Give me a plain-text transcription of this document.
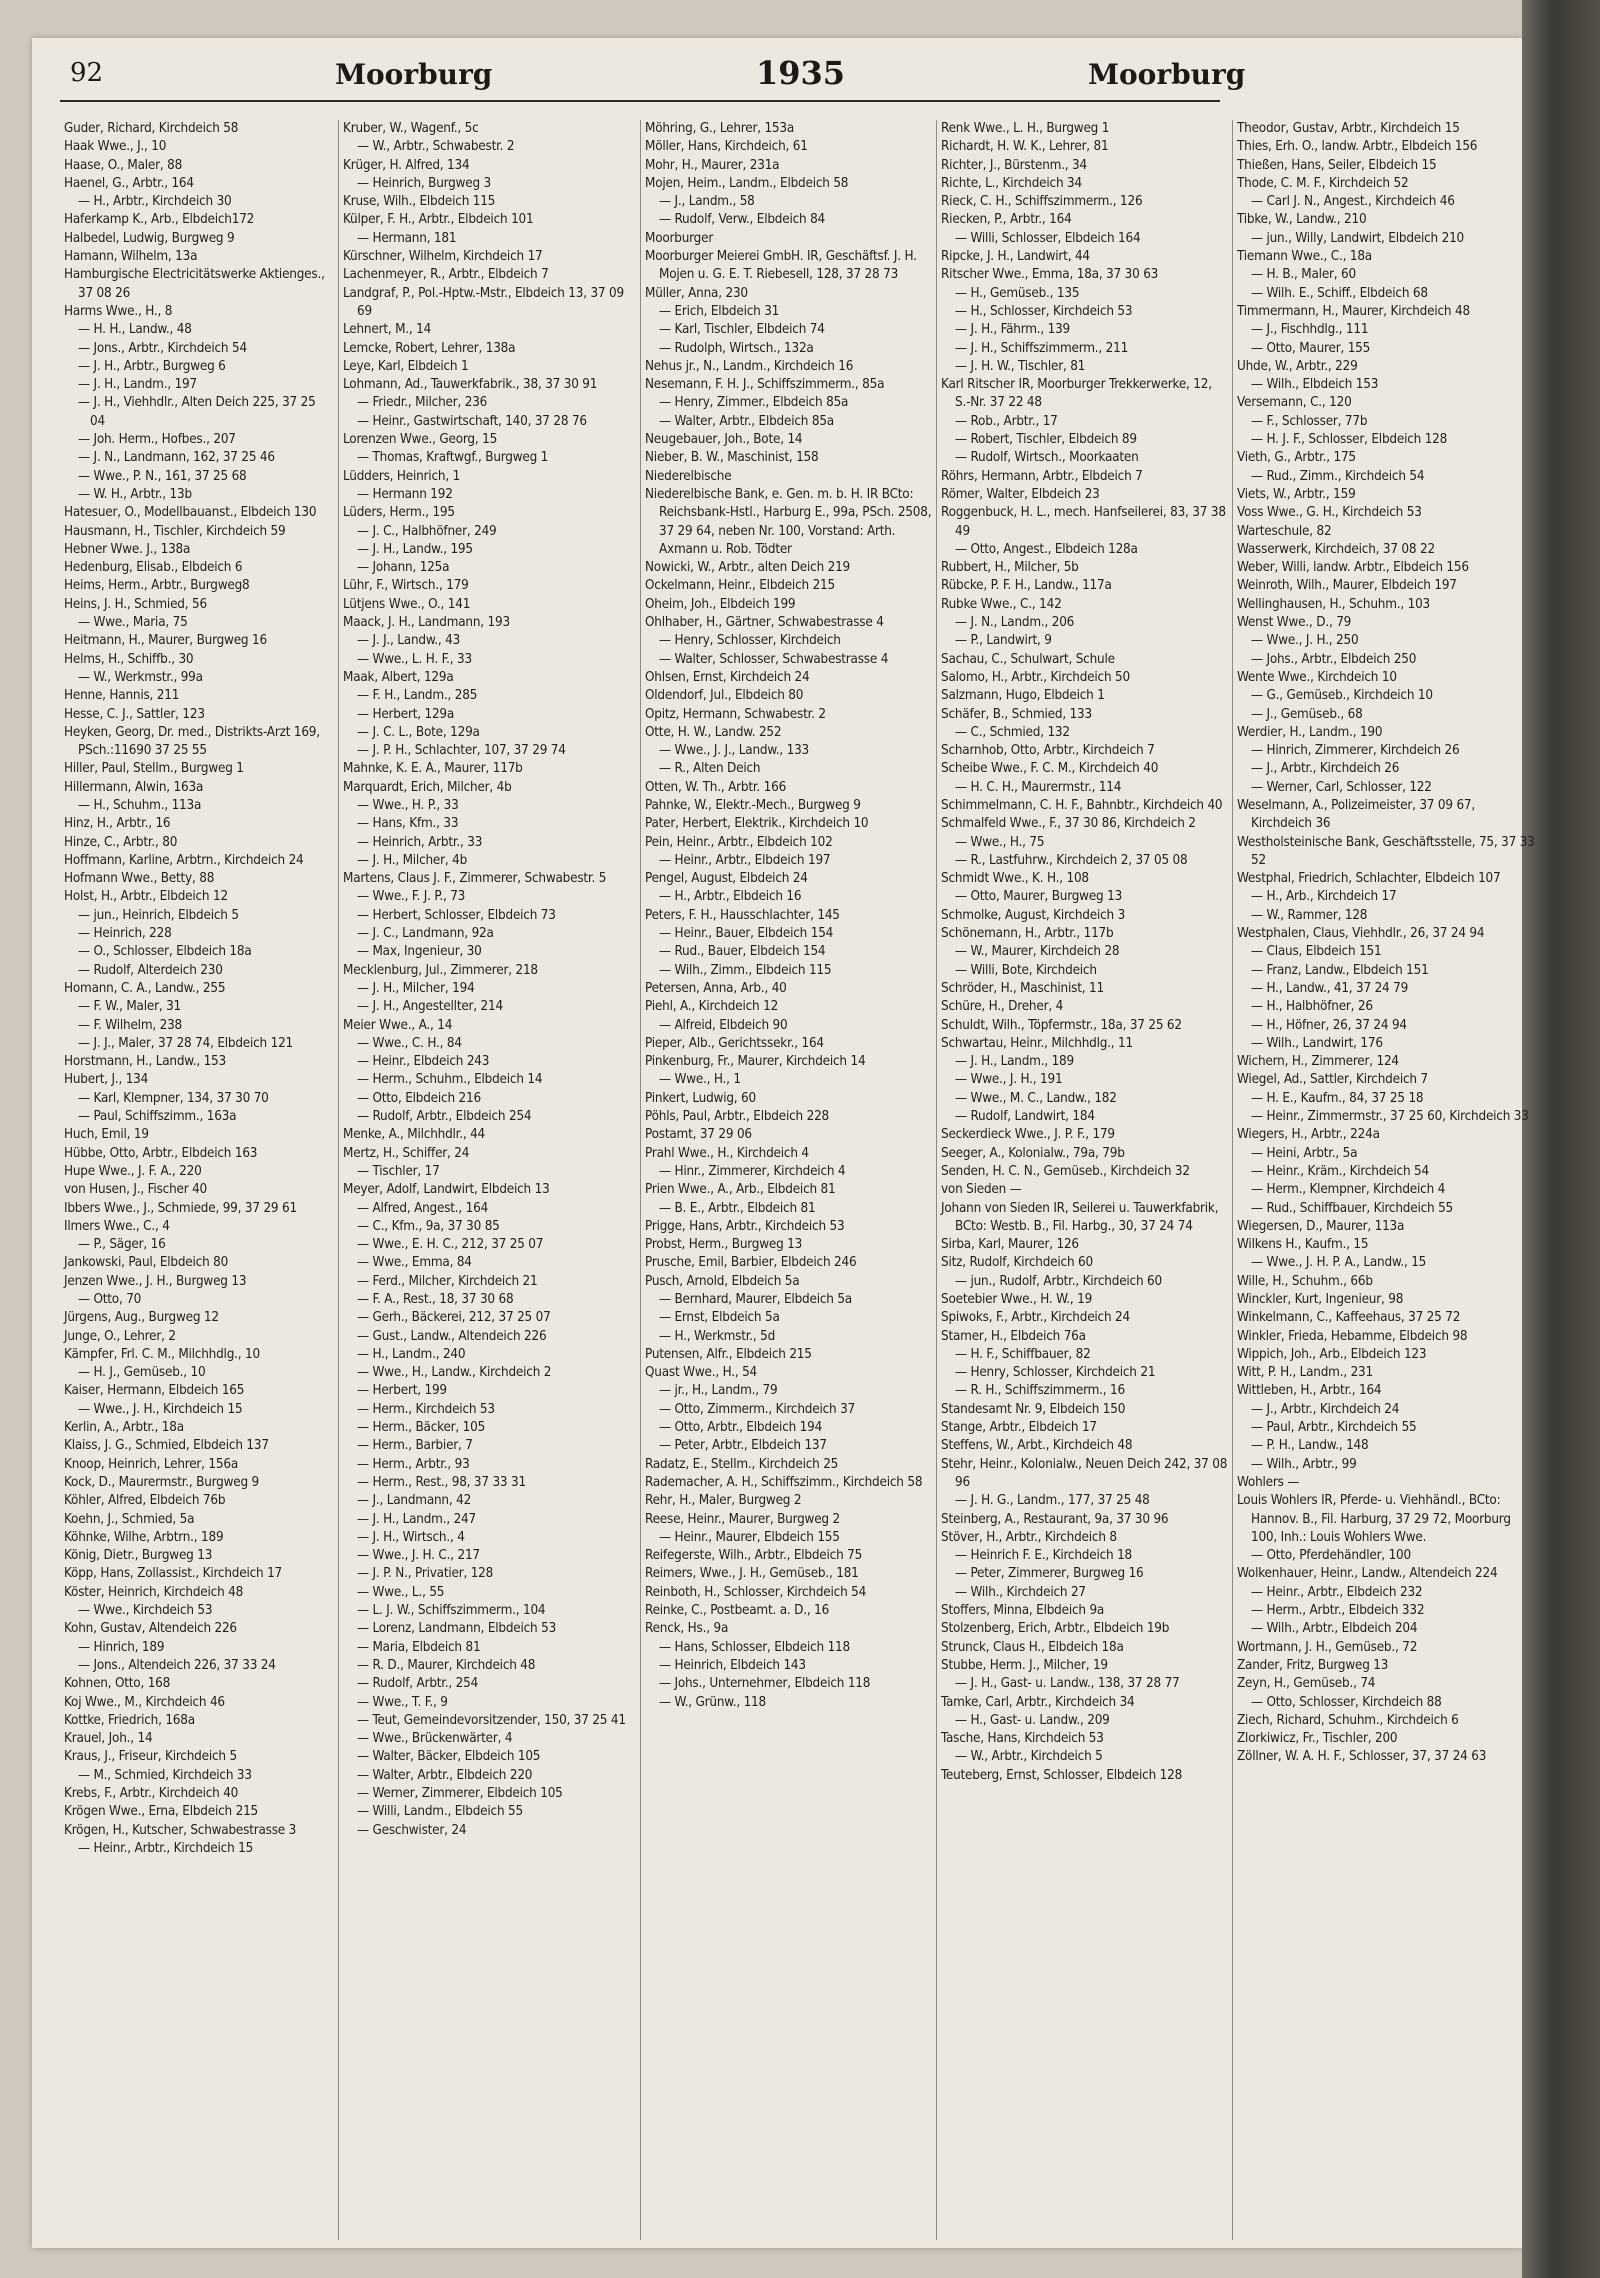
92	Moorburg	1935	Moorburg
Guder, Richard, Kirchdeich 58
Haak Wwe., J., 10
Haase, O., Maler, 88
Haenel, G., Arbtr., 164
— H., Arbtr., Kirchdeich 30
Haferkamp K., Arb., Elbdeich172
Halbedel, Ludwig, Burgweg 9
Hamann, Wilhelm, 13a
Hamburgische Electricitätswerke Aktienges., 37 08 26
Harms Wwe., H., 8
— H. H., Landw., 48
— Jons., Arbtr., Kirchdeich 54
— J. H., Arbtr., Burgweg 6
— J. H., Landm., 197
— J. H., Viehhdlr., Alten Deich 225, 37 25 04
— Joh. Herm., Hofbes., 207
— J. N., Landmann, 162, 37 25 46
— Wwe., P. N., 161, 37 25 68
— W. H., Arbtr., 13b
Hatesuer, O., Modellbauanst., Elbdeich 130
Hausmann, H., Tischler, Kirchdeich 59
Hebner Wwe. J., 138a
Hedenburg, Elisab., Elbdeich 6
Heims, Herm., Arbtr., Burgweg8
Heins, J. H., Schmied, 56
— Wwe., Maria, 75
Heitmann, H., Maurer, Burgweg 16
Helms, H., Schiffb., 30
— W., Werkmstr., 99a
Henne, Hannis, 211
Hesse, C. J., Sattler, 123
Heyken, Georg, Dr. med., Distrikts-Arzt 169, PSch.:11690 37 25 55
Hiller, Paul, Stellm., Burgweg 1
Hillermann, Alwin, 163a
— H., Schuhm., 113a
Hinz, H., Arbtr., 16
Hinze, C., Arbtr., 80
Hoffmann, Karline, Arbtrn., Kirchdeich 24
Hofmann Wwe., Betty, 88
Holst, H., Arbtr., Elbdeich 12
— jun., Heinrich, Elbdeich 5
— Heinrich, 228
— O., Schlosser, Elbdeich 18a
— Rudolf, Alterdeich 230
Homann, C. A., Landw., 255
— F. W., Maler, 31
— F. Wilhelm, 238
— J. J., Maler, 37 28 74, Elbdeich 121
Horstmann, H., Landw., 153
Hubert, J., 134
— Karl, Klempner, 134, 37 30 70
— Paul, Schiffszimm., 163a
Huch, Emil, 19
Hübbe, Otto, Arbtr., Elbdeich 163
Hupe Wwe., J. F. A., 220
von Husen, J., Fischer 40
Ibbers Wwe., J., Schmiede, 99, 37 29 61
Ilmers Wwe., C., 4
— P., Säger, 16
Jankowski, Paul, Elbdeich 80
Jenzen Wwe., J. H., Burgweg 13
— Otto, 70
Jürgens, Aug., Burgweg 12
Junge, O., Lehrer, 2
Kämpfer, Frl. C. M., Milchhdlg., 10
— H. J., Gemüseb., 10
Kaiser, Hermann, Elbdeich 165
— Wwe., J. H., Kirchdeich 15
Kerlin, A., Arbtr., 18a
Klaiss, J. G., Schmied, Elbdeich 137
Knoop, Heinrich, Lehrer, 156a
Kock, D., Maurermstr., Burgweg 9
Köhler, Alfred, Elbdeich 76b
Koehn, J., Schmied, 5a
Köhnke, Wilhe, Arbtrn., 189
König, Dietr., Burgweg 13
Köpp, Hans, Zollassist., Kirchdeich 17
Köster, Heinrich, Kirchdeich 48
— Wwe., Kirchdeich 53
Kohn, Gustav, Altendeich 226
— Hinrich, 189
— Jons., Altendeich 226, 37 33 24
Kohnen, Otto, 168
Koj Wwe., M., Kirchdeich 46
Kottke, Friedrich, 168a
Krauel, Joh., 14
Kraus, J., Friseur, Kirchdeich 5
— M., Schmied, Kirchdeich 33
Krebs, F., Arbtr., Kirchdeich 40
Krögen Wwe., Erna, Elbdeich 215
Krögen, H., Kutscher, Schwabestrasse 3
— Heinr., Arbtr., Kirchdeich 15
Kruber, W., Wagenf., 5c
— W., Arbtr., Schwabestr. 2
Krüger, H. Alfred, 134
— Heinrich, Burgweg 3
Kruse, Wilh., Elbdeich 115
Külper, F. H., Arbtr., Elbdeich 101
— Hermann, 181
Kürschner, Wilhelm, Kirchdeich 17
Lachenmeyer, R., Arbtr., Elbdeich 7
Landgraf, P., Pol.-Hptw.-Mstr., Elbdeich 13, 37 09 69
Lehnert, M., 14
Lemcke, Robert, Lehrer, 138a
Leye, Karl, Elbdeich 1
Lohmann, Ad., Tauwerkfabrik., 38, 37 30 91
— Friedr., Milcher, 236
— Heinr., Gastwirtschaft, 140, 37 28 76
Lorenzen Wwe., Georg, 15
— Thomas, Kraftwgf., Burgweg 1
Lüdders, Heinrich, 1
— Hermann 192
Lüders, Herm., 195
— J. C., Halbhöfner, 249
— J. H., Landw., 195
— Johann, 125a
Lühr, F., Wirtsch., 179
Lütjens Wwe., O., 141
Maack, J. H., Landmann, 193
— J. J., Landw., 43
— Wwe., L. H. F., 33
Maak, Albert, 129a
— F. H., Landm., 285
— Herbert, 129a
— J. C. L., Bote, 129a
— J. P. H., Schlachter, 107, 37 29 74
Mahnke, K. E. A., Maurer, 117b
Marquardt, Erich, Milcher, 4b
— Wwe., H. P., 33
— Hans, Kfm., 33
— Heinrich, Arbtr., 33
— J. H., Milcher, 4b
Martens, Claus J. F., Zimmerer, Schwabestr. 5
— Wwe., F. J. P., 73
— Herbert, Schlosser, Elbdeich 73
— J. C., Landmann, 92a
— Max, Ingenieur, 30
Mecklenburg, Jul., Zimmerer, 218
— J. H., Milcher, 194
— J. H., Angestellter, 214
Meier Wwe., A., 14
— Wwe., C. H., 84
— Heinr., Elbdeich 243
— Herm., Schuhm., Elbdeich 14
— Otto, Elbdeich 216
— Rudolf, Arbtr., Elbdeich 254
Menke, A., Milchhdlr., 44
Mertz, H., Schiffer, 24
— Tischler, 17
Meyer, Adolf, Landwirt, Elbdeich 13
— Alfred, Angest., 164
— C., Kfm., 9a, 37 30 85
— Wwe., E. H. C., 212, 37 25 07
— Wwe., Emma, 84
— Ferd., Milcher, Kirchdeich 21
— F. A., Rest., 18, 37 30 68
— Gerh., Bäckerei, 212, 37 25 07
— Gust., Landw., Altendeich 226
— H., Landm., 240
— Wwe., H., Landw., Kirchdeich 2
— Herbert, 199
— Herm., Kirchdeich 53
— Herm., Bäcker, 105
— Herm., Barbier, 7
— Herm., Arbtr., 93
— Herm., Rest., 98, 37 33 31
— J., Landmann, 42
— J. H., Landm., 247
— J. H., Wirtsch., 4
— Wwe., J. H. C., 217
— J. P. N., Privatier, 128
— Wwe., L., 55
— L. J. W., Schiffszimmerm., 104
— Lorenz, Landmann, Elbdeich 53
— Maria, Elbdeich 81
— R. D., Maurer, Kirchdeich 48
— Rudolf, Arbtr., 254
— Wwe., T. F., 9
— Teut, Gemeindevorsitzender, 150, 37 25 41
— Wwe., Brückenwärter, 4
— Walter, Bäcker, Elbdeich 105
— Walter, Arbtr., Elbdeich 220
— Werner, Zimmerer, Elbdeich 105
— Willi, Landm., Elbdeich 55
— Geschwister, 24
Möhring, G., Lehrer, 153a
Möller, Hans, Kirchdeich, 61
Mohr, H., Maurer, 231a
Mojen, Heim., Landm., Elbdeich 58
— J., Landm., 58
— Rudolf, Verw., Elbdeich 84
Moorburger
Moorburger Meierei GmbH. IR, Geschäftsf. J. H. Mojen u. G. E. T. Riebesell, 128, 37 28 73
Müller, Anna, 230
— Erich, Elbdeich 31
— Karl, Tischler, Elbdeich 74
— Rudolph, Wirtsch., 132a
Nehus jr., N., Landm., Kirchdeich 16
Nesemann, F. H. J., Schiffszimmerm., 85a
— Henry, Zimmer., Elbdeich 85a
— Walter, Arbtr., Elbdeich 85a
Neugebauer, Joh., Bote, 14
Nieber, B. W., Maschinist, 158
Niederelbische
Niederelbische Bank, e. Gen. m. b. H. IR BCto: Reichsbank-Hstl., Harburg E., 99a, PSch. 2508, 37 29 64, neben Nr. 100, Vorstand: Arth. Axmann u. Rob. Tödter
Nowicki, W., Arbtr., alten Deich 219
Ockelmann, Heinr., Elbdeich 215
Oheim, Joh., Elbdeich 199
Ohlhaber, H., Gärtner, Schwabestrasse 4
— Henry, Schlosser, Kirchdeich
— Walter, Schlosser, Schwabestrasse 4
Ohlsen, Ernst, Kirchdeich 24
Oldendorf, Jul., Elbdeich 80
Opitz, Hermann, Schwabestr. 2
Otte, H. W., Landw. 252
— Wwe., J. J., Landw., 133
— R., Alten Deich
Otten, W. Th., Arbtr. 166
Pahnke, W., Elektr.-Mech., Burgweg 9
Pater, Herbert, Elektrik., Kirchdeich 10
Pein, Heinr., Arbtr., Elbdeich 102
— Heinr., Arbtr., Elbdeich 197
Pengel, August, Elbdeich 24
— H., Arbtr., Elbdeich 16
Peters, F. H., Hausschlachter, 145
— Heinr., Bauer, Elbdeich 154
— Rud., Bauer, Elbdeich 154
— Wilh., Zimm., Elbdeich 115
Petersen, Anna, Arb., 40
Piehl, A., Kirchdeich 12
— Alfreid, Elbdeich 90
Pieper, Alb., Gerichtssekr., 164
Pinkenburg, Fr., Maurer, Kirchdeich 14
— Wwe., H., 1
Pinkert, Ludwig, 60
Pöhls, Paul, Arbtr., Elbdeich 228
Postamt, 37 29 06
Prahl Wwe., H., Kirchdeich 4
— Hinr., Zimmerer, Kirchdeich 4
Prien Wwe., A., Arb., Elbdeich 81
— B. E., Arbtr., Elbdeich 81
Prigge, Hans, Arbtr., Kirchdeich 53
Probst, Herm., Burgweg 13
Prusche, Emil, Barbier, Elbdeich 246
Pusch, Arnold, Elbdeich 5a
— Bernhard, Maurer, Elbdeich 5a
— Ernst, Elbdeich 5a
— H., Werkmstr., 5d
Putensen, Alfr., Elbdeich 215
Quast Wwe., H., 54
— jr., H., Landm., 79
— Otto, Zimmerm., Kirchdeich 37
— Otto, Arbtr., Elbdeich 194
— Peter, Arbtr., Elbdeich 137
Radatz, E., Stellm., Kirchdeich 25
Rademacher, A. H., Schiffszimm., Kirchdeich 58
Rehr, H., Maler, Burgweg 2
Reese, Heinr., Maurer, Burgweg 2
— Heinr., Maurer, Elbdeich 155
Reifegerste, Wilh., Arbtr., Elbdeich 75
Reimers, Wwe., J. H., Gemüseb., 181
Reinboth, H., Schlosser, Kirchdeich 54
Reinke, C., Postbeamt. a. D., 16
Renck, Hs., 9a
— Hans, Schlosser, Elbdeich 118
— Heinrich, Elbdeich 143
— Johs., Unternehmer, Elbdeich 118
— W., Grünw., 118
Renk Wwe., L. H., Burgweg 1
Richardt, H. W. K., Lehrer, 81
Richter, J., Bürstenm., 34
Richte, L., Kirchdeich 34
Rieck, C. H., Schiffszimmerm., 126
Riecken, P., Arbtr., 164
— Willi, Schlosser, Elbdeich 164
Ripcke, J. H., Landwirt, 44
Ritscher Wwe., Emma, 18a, 37 30 63
— H., Gemüseb., 135
— H., Schlosser, Kirchdeich 53
— J. H., Fährm., 139
— J. H., Schiffszimmerm., 211
— J. H. W., Tischler, 81
Karl Ritscher IR, Moorburger Trekkerwerke, 12, S.-Nr. 37 22 48
— Rob., Arbtr., 17
— Robert, Tischler, Elbdeich 89
— Rudolf, Wirtsch., Moorkaaten
Röhrs, Hermann, Arbtr., Elbdeich 7
Römer, Walter, Elbdeich 23
Roggenbuck, H. L., mech. Hanfseilerei, 83, 37 38 49
— Otto, Angest., Elbdeich 128a
Rubbert, H., Milcher, 5b
Rübcke, P. F. H., Landw., 117a
Rubke Wwe., C., 142
— J. N., Landm., 206
— P., Landwirt, 9
Sachau, C., Schulwart, Schule
Salomo, H., Arbtr., Kirchdeich 50
Salzmann, Hugo, Elbdeich 1
Schäfer, B., Schmied, 133
— C., Schmied, 132
Scharnhob, Otto, Arbtr., Kirchdeich 7
Scheibe Wwe., F. C. M., Kirchdeich 40
— H. C. H., Maurermstr., 114
Schimmelmann, C. H. F., Bahnbtr., Kirchdeich 40
Schmalfeld Wwe., F., 37 30 86, Kirchdeich 2
— Wwe., H., 75
— R., Lastfuhrw., Kirchdeich 2, 37 05 08
Schmidt Wwe., K. H., 108
— Otto, Maurer, Burgweg 13
Schmolke, August, Kirchdeich 3
Schönemann, H., Arbtr., 117b
— W., Maurer, Kirchdeich 28
— Willi, Bote, Kirchdeich
Schröder, H., Maschinist, 11
Schüre, H., Dreher, 4
Schuldt, Wilh., Töpfermstr., 18a, 37 25 62
Schwartau, Heinr., Milchhdlg., 11
— J. H., Landm., 189
— Wwe., J. H., 191
— Wwe., M. C., Landw., 182
— Rudolf, Landwirt, 184
Seckerdieck Wwe., J. P. F., 179
Seeger, A., Kolonialw., 79a, 79b
Senden, H. C. N., Gemüseb., Kirchdeich 32
von Sieden —
Johann von Sieden IR, Seilerei u. Tauwerkfabrik, BCto: Westb. B., Fil. Harbg., 30, 37 24 74
Sirba, Karl, Maurer, 126
Sitz, Rudolf, Kirchdeich 60
— jun., Rudolf, Arbtr., Kirchdeich 60
Soetebier Wwe., H. W., 19
Spiwoks, F., Arbtr., Kirchdeich 24
Stamer, H., Elbdeich 76a
— H. F., Schiffbauer, 82
— Henry, Schlosser, Kirchdeich 21
— R. H., Schiffszimmerm., 16
Standesamt Nr. 9, Elbdeich 150
Stange, Arbtr., Elbdeich 17
Steffens, W., Arbt., Kirchdeich 48
Stehr, Heinr., Kolonialw., Neuen Deich 242, 37 08 96
— J. H. G., Landm., 177, 37 25 48
Steinberg, A., Restaurant, 9a, 37 30 96
Stöver, H., Arbtr., Kirchdeich 8
— Heinrich F. E., Kirchdeich 18
— Peter, Zimmerer, Burgweg 16
— Wilh., Kirchdeich 27
Stoffers, Minna, Elbdeich 9a
Stolzenberg, Erich, Arbtr., Elbdeich 19b
Strunck, Claus H., Elbdeich 18a
Stubbe, Herm. J., Milcher, 19
— J. H., Gast- u. Landw., 138, 37 28 77
Tamke, Carl, Arbtr., Kirchdeich 34
— H., Gast- u. Landw., 209
Tasche, Hans, Kirchdeich 53
— W., Arbtr., Kirchdeich 5
Teuteberg, Ernst, Schlosser, Elbdeich 128
Theodor, Gustav, Arbtr., Kirchdeich 15
Thies, Erh. O., landw. Arbtr., Elbdeich 156
Thießen, Hans, Seiler, Elbdeich 15
Thode, C. M. F., Kirchdeich 52
— Carl J. N., Angest., Kirchdeich 46
Tibke, W., Landw., 210
— jun., Willy, Landwirt, Elbdeich 210
Tiemann Wwe., C., 18a
— H. B., Maler, 60
— Wilh. E., Schiff., Elbdeich 68
Timmermann, H., Maurer, Kirchdeich 48
— J., Fischhdlg., 111
— Otto, Maurer, 155
Uhde, W., Arbtr., 229
— Wilh., Elbdeich 153
Versemann, C., 120
— F., Schlosser, 77b
— H. J. F., Schlosser, Elbdeich 128
Vieth, G., Arbtr., 175
— Rud., Zimm., Kirchdeich 54
Viets, W., Arbtr., 159
Voss Wwe., G. H., Kirchdeich 53
Warteschule, 82
Wasserwerk, Kirchdeich, 37 08 22
Weber, Willi, landw. Arbtr., Elbdeich 156
Weinroth, Wilh., Maurer, Elbdeich 197
Wellinghausen, H., Schuhm., 103
Wenst Wwe., D., 79
— Wwe., J. H., 250
— Johs., Arbtr., Elbdeich 250
Wente Wwe., Kirchdeich 10
— G., Gemüseb., Kirchdeich 10
— J., Gemüseb., 68
Werdier, H., Landm., 190
— Hinrich, Zimmerer, Kirchdeich 26
— J., Arbtr., Kirchdeich 26
— Werner, Carl, Schlosser, 122
Weselmann, A., Polizeimeister, 37 09 67, Kirchdeich 36
Westholsteinische Bank, Geschäftsstelle, 75, 37 33 52
Westphal, Friedrich, Schlachter, Elbdeich 107
— H., Arb., Kirchdeich 17
— W., Rammer, 128
Westphalen, Claus, Viehhdlr., 26, 37 24 94
— Claus, Elbdeich 151
— Franz, Landw., Elbdeich 151
— H., Landw., 41, 37 24 79
— H., Halbhöfner, 26
— H., Höfner, 26, 37 24 94
— Wilh., Landwirt, 176
Wichern, H., Zimmerer, 124
Wiegel, Ad., Sattler, Kirchdeich 7
— H. E., Kaufm., 84, 37 25 18
— Heinr., Zimmermstr., 37 25 60, Kirchdeich 33
Wiegers, H., Arbtr., 224a
— Heini, Arbtr., 5a
— Heinr., Kräm., Kirchdeich 54
— Herm., Klempner, Kirchdeich 4
— Rud., Schiffbauer, Kirchdeich 55
Wiegersen, D., Maurer, 113a
Wilkens H., Kaufm., 15
— Wwe., J. H. P. A., Landw., 15
Wille, H., Schuhm., 66b
Winckler, Kurt, Ingenieur, 98
Winkelmann, C., Kaffeehaus, 37 25 72
Winkler, Frieda, Hebamme, Elbdeich 98
Wippich, Joh., Arb., Elbdeich 123
Witt, P. H., Landm., 231
Wittleben, H., Arbtr., 164
— J., Arbtr., Kirchdeich 24
— Paul, Arbtr., Kirchdeich 55
— P. H., Landw., 148
— Wilh., Arbtr., 99
Wohlers —
Louis Wohlers IR, Pferde- u. Viehhändl., BCto: Hannov. B., Fil. Harburg, 37 29 72, Moorburg 100, Inh.: Louis Wohlers Wwe.
— Otto, Pferdehändler, 100
Wolkenhauer, Heinr., Landw., Altendeich 224
— Heinr., Arbtr., Elbdeich 232
— Herm., Arbtr., Elbdeich 332
— Wilh., Arbtr., Elbdeich 204
Wortmann, J. H., Gemüseb., 72
Zander, Fritz, Burgweg 13
Zeyn, H., Gemüseb., 74
— Otto, Schlosser, Kirchdeich 88
Ziech, Richard, Schuhm., Kirchdeich 6
Zlorkiwicz, Fr., Tischler, 200
Zöllner, W. A. H. F., Schlosser, 37, 37 24 63
